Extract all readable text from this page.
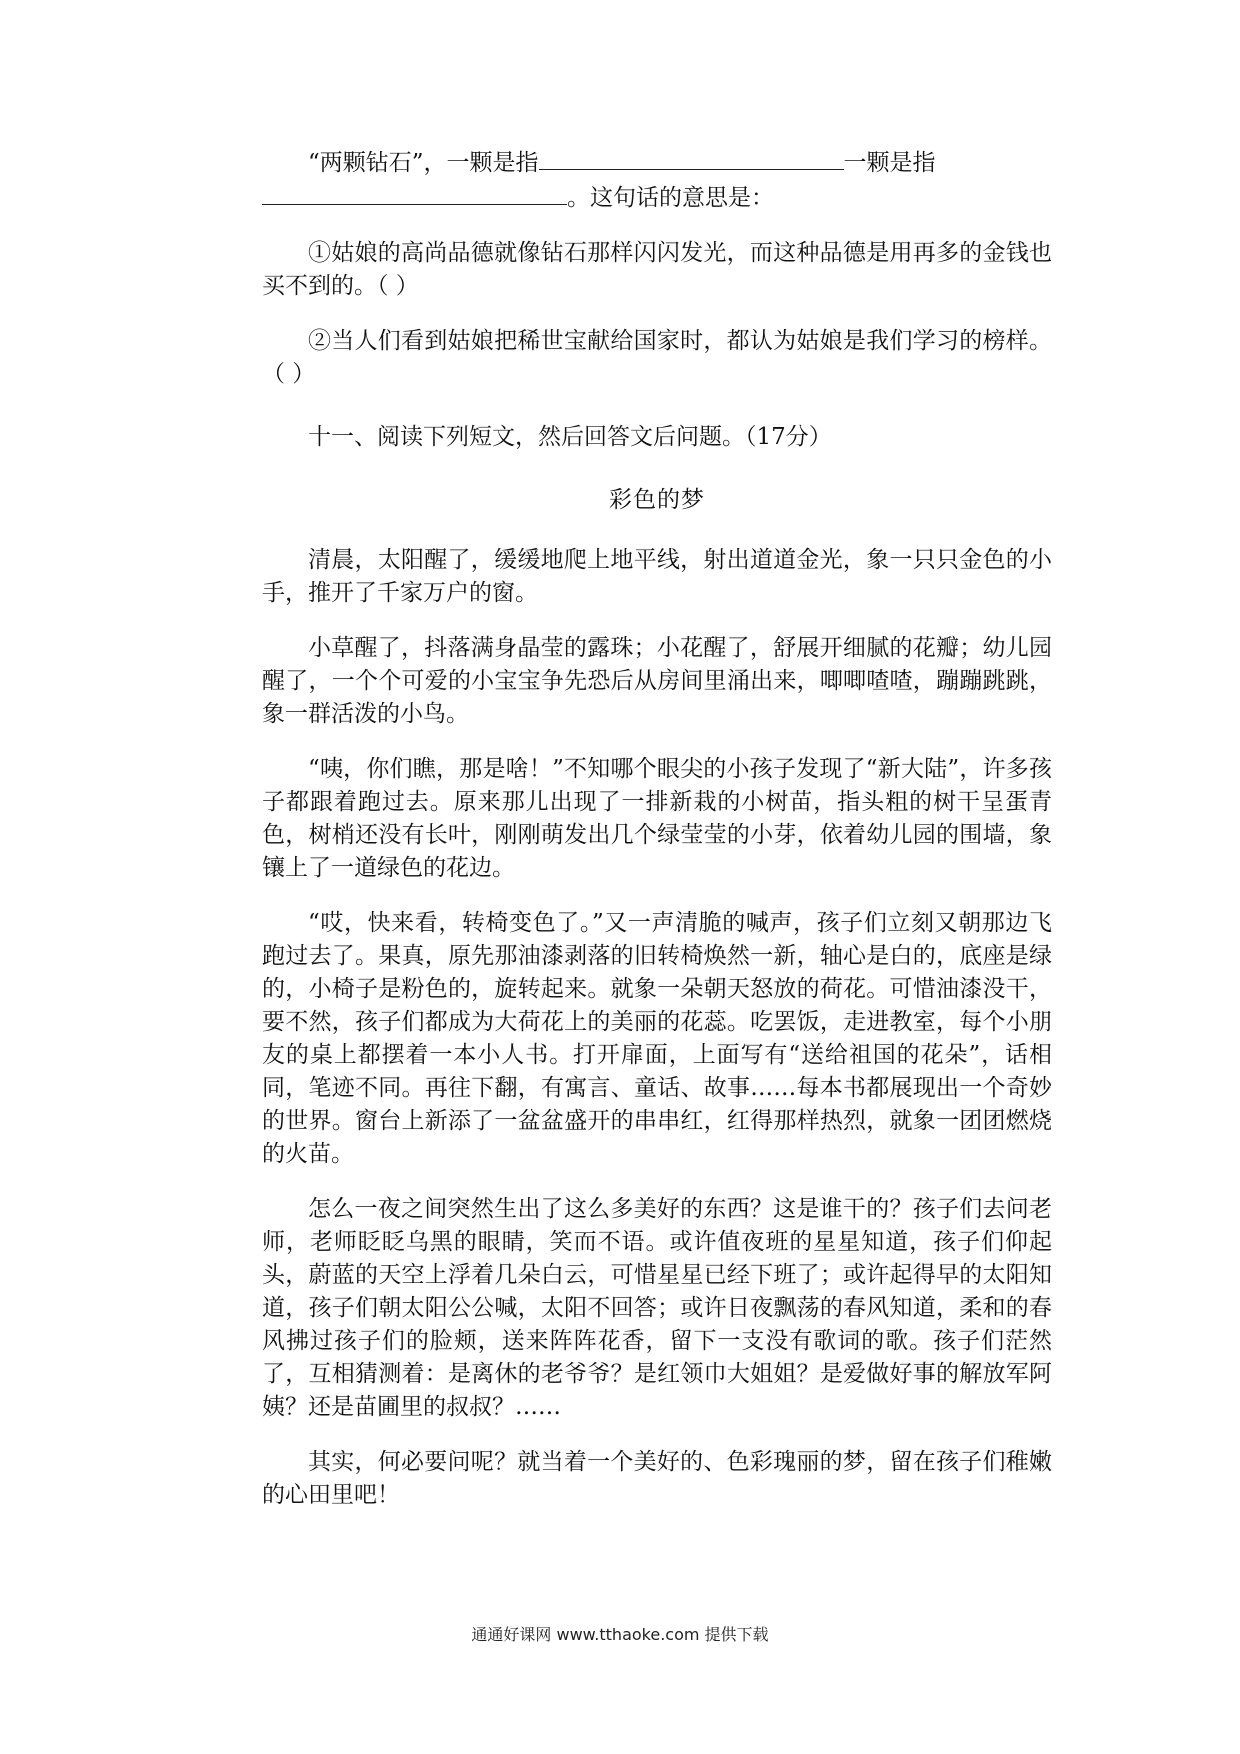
“两颗钻石”，一颗是指	一颗是指

。这句话的意思是：

①姑娘的高尚品德就像钻石那样闪闪发光，而这种品德是用再多的金钱也买不到的。（ ）

②当人们看到姑娘把稀世宝献给国家时，都认为姑娘是我们学习的榜样。（ ）

十一、阅读下列短文，然后回答文后问题。（17分）

彩色的梦

清晨，太阳醒了，缓缓地爬上地平线，射出道道金光，象一只只金色的小手，推开了千家万户的窗。

小草醒了，抖落满身晶莹的露珠；小花醒了，舒展开细腻的花瓣；幼儿园醒了，一个个可爱的小宝宝争先恐后从房间里涌出来，唧唧喳喳，蹦蹦跳跳，象一群活泼的小鸟。

“咦，你们瞧，那是啥！”不知哪个眼尖的小孩子发现了“新大陆”，许多孩子都跟着跑过去。原来那儿出现了一排新栽的小树苗，指头粗的树干呈蛋青色，树梢还没有长叶，刚刚萌发出几个绿莹莹的小芽，依着幼儿园的围墙，象镶上了一道绿色的花边。

“哎，快来看，转椅变色了。”又一声清脆的喊声，孩子们立刻又朝那边飞跑过去了。果真，原先那油漆剥落的旧转椅焕然一新，轴心是白的，底座是绿的，小椅子是粉色的，旋转起来。就象一朵朝天怒放的荷花。可惜油漆没干，要不然，孩子们都成为大荷花上的美丽的花蕊。吃罢饭，走进教室，每个小朋友的桌上都摆着一本小人书。打开扉面，上面写有“送给祖国的花朵”，话相同，笔迹不同。再往下翻，有寓言、童话、故事……每本书都展现出一个奇妙的世界。窗台上新添了一盆盆盛开的串串红，红得那样热烈，就象一团团燃烧的火苗。

怎么一夜之间突然生出了这么多美好的东西？这是谁干的？孩子们去问老师，老师眨眨乌黑的眼睛，笑而不语。或许值夜班的星星知道，孩子们仰起头，蔚蓝的天空上浮着几朵白云，可惜星星已经下班了；或许起得早的太阳知道，孩子们朝太阳公公喊，太阳不回答；或许日夜飘荡的春风知道，柔和的春风拂过孩子们的脸颊，送来阵阵花香，留下一支没有歌词的歌。孩子们茫然了，互相猜测着：是离休的老爷爷？是红领巾大姐姐？是爱做好事的解放军阿姨？还是苗圃里的叔叔？……

其实，何必要问呢？就当着一个美好的、色彩瑰丽的梦，留在孩子们稚嫩的心田里吧！

通通好课网 www.tthaoke.com 提供下载
